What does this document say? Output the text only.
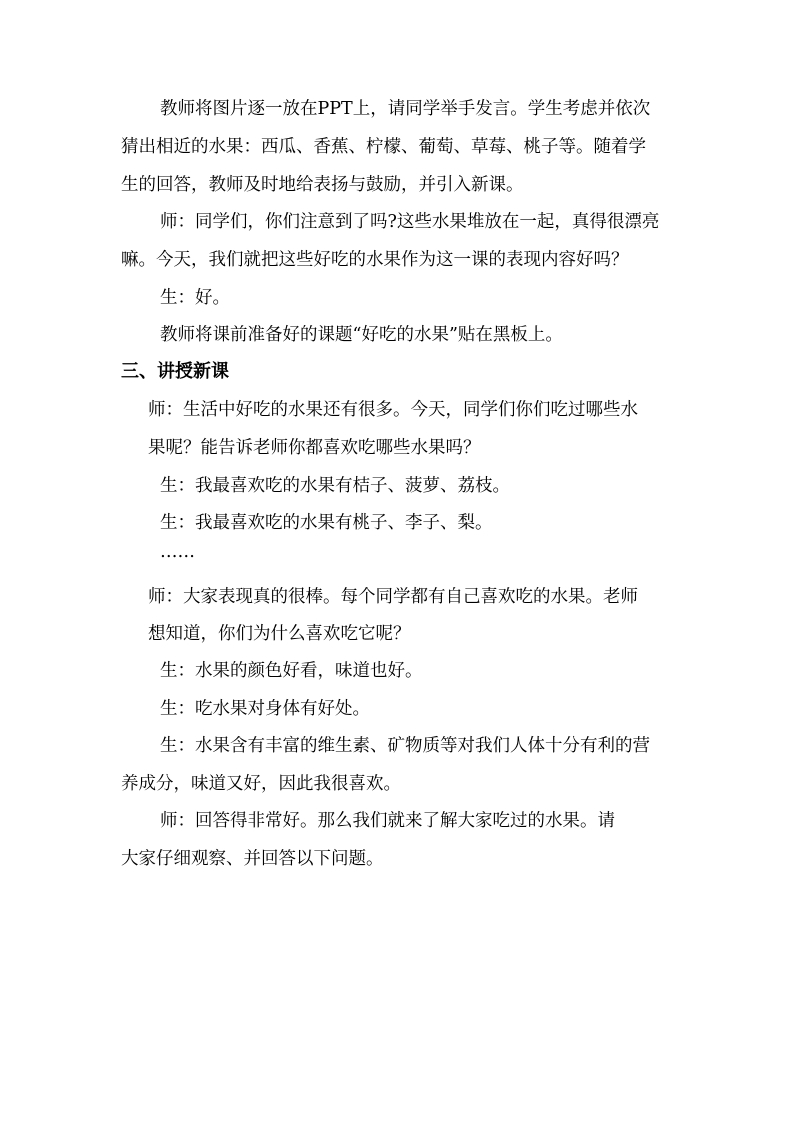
教师将图片逐一放在PPT上，请同学举手发言。学生考虑并依次
猜出相近的水果：西瓜、香蕉、柠檬、葡萄、草莓、桃子等。随着学
生的回答，教师及时地给表扬与鼓励，并引入新课。
师：同学们，你们注意到了吗?这些水果堆放在一起，真得很漂亮
嘛。今天，我们就把这些好吃的水果作为这一课的表现内容好吗？
生：好。
教师将课前准备好的课题“好吃的水果”贴在黑板上。
三、讲授新课
师：生活中好吃的水果还有很多。今天，同学们你们吃过哪些水
果呢？能告诉老师你都喜欢吃哪些水果吗？
生：我最喜欢吃的水果有桔子、菠萝、荔枝。
生：我最喜欢吃的水果有桃子、李子、梨。
……
师：大家表现真的很棒。每个同学都有自己喜欢吃的水果。老师
想知道，你们为什么喜欢吃它呢？
生：水果的颜色好看，味道也好。
生：吃水果对身体有好处。
生：水果含有丰富的维生素、矿物质等对我们人体十分有利的营
养成分，味道又好，因此我很喜欢。
师：回答得非常好。那么我们就来了解大家吃过的水果。请
大家仔细观察、并回答以下问题。
